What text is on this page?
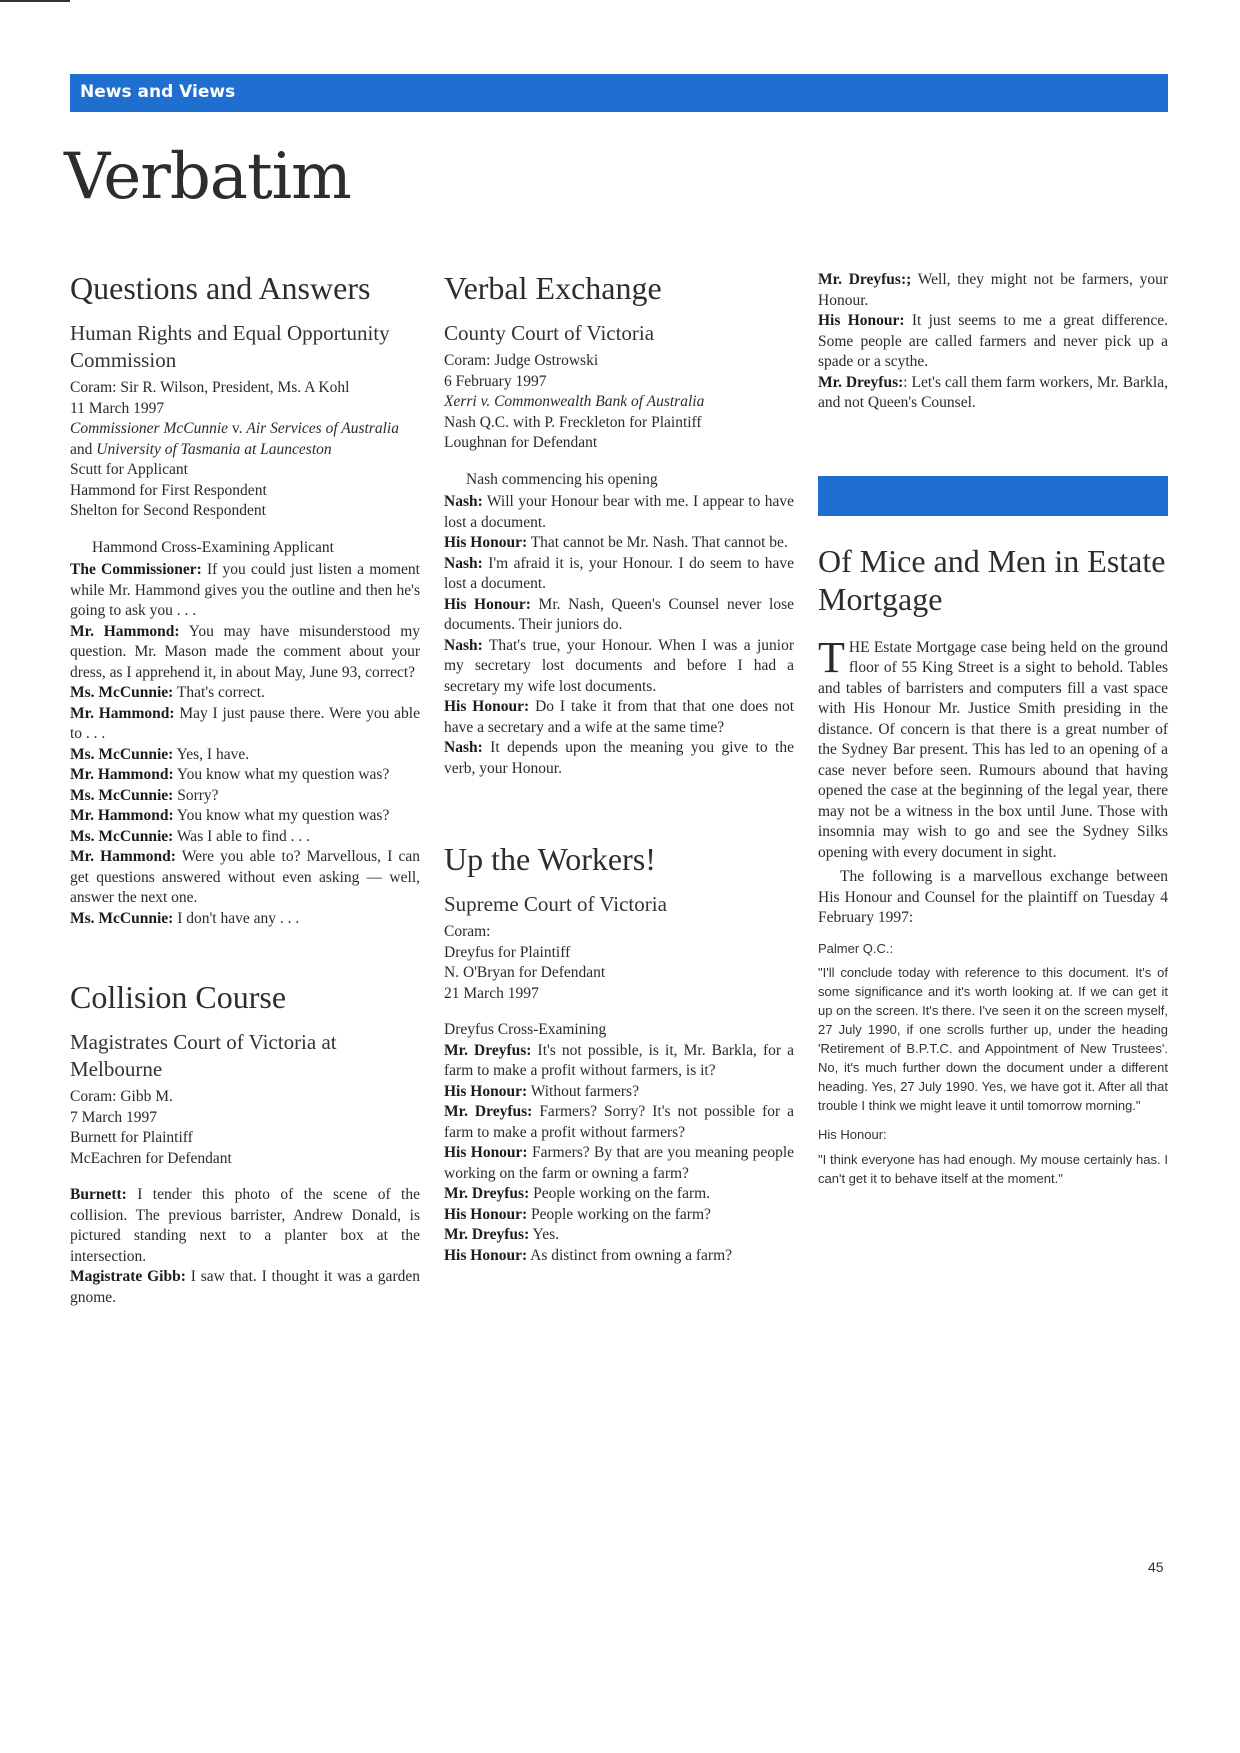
News and Views
Verbatim
Questions and Answers
Human Rights and Equal Opportunity Commission

Coram: Sir R. Wilson, President, Ms. A Kohl

11 March 1997

Commissioner McCunnie v. Air Services of Australia and University of Tasmania at Launceston

Scutt for Applicant

Hammond for First Respondent

Shelton for Second Respondent

Hammond Cross-Examining Applicant

The Commissioner: If you could just listen a moment while Mr. Hammond gives you the outline and then he's going to ask you . . .

Mr. Hammond: You may have misunderstood my question. Mr. Mason made the comment about your dress, as I apprehend it, in about May, June 93, correct?

Ms. McCunnie: That's correct.

Mr. Hammond: May I just pause there. Were you able to . . .

Ms. McCunnie: Yes, I have.

Mr. Hammond: You know what my question was?

Ms. McCunnie: Sorry?

Mr. Hammond: You know what my question was?

Ms. McCunnie: Was I able to find . . .

Mr. Hammond: Were you able to? Marvellous, I can get questions answered without even asking — well, answer the next one.

Ms. McCunnie: I don't have any . . .

Collision Course
Magistrates Court of Victoria at Melbourne

Coram: Gibb M.

7 March 1997

Burnett for Plaintiff

McEachren for Defendant

Burnett: I tender this photo of the scene of the collision. The previous barrister, Andrew Donald, is pictured standing next to a planter box at the intersection.

Magistrate Gibb: I saw that. I thought it was a garden gnome.

Verbal Exchange
County Court of Victoria

Coram: Judge Ostrowski

6 February 1997

Xerri v. Commonwealth Bank of Australia

Nash Q.C. with P. Freckleton for Plaintiff

Loughnan for Defendant

Nash commencing his opening

Nash: Will your Honour bear with me. I appear to have lost a document.

His Honour: That cannot be Mr. Nash. That cannot be.

Nash: I'm afraid it is, your Honour. I do seem to have lost a document.

His Honour: Mr. Nash, Queen's Counsel never lose documents. Their juniors do.

Nash: That's true, your Honour. When I was a junior my secretary lost documents and before I had a secretary my wife lost documents.

His Honour: Do I take it from that that one does not have a secretary and a wife at the same time?

Nash: It depends upon the meaning you give to the verb, your Honour.

Up the Workers!
Supreme Court of Victoria

Coram:

Dreyfus for Plaintiff

N. O'Bryan for Defendant

21 March 1997

Dreyfus Cross-Examining

Mr. Dreyfus: It's not possible, is it, Mr. Barkla, for a farm to make a profit without farmers, is it?

His Honour: Without farmers?

Mr. Dreyfus: Farmers? Sorry? It's not possible for a farm to make a profit without farmers?

His Honour: Farmers? By that are you meaning people working on the farm or owning a farm?

Mr. Dreyfus: People working on the farm.

His Honour: People working on the farm?

Mr. Dreyfus: Yes.

His Honour: As distinct from owning a farm?

Mr. Dreyfus:; Well, they might not be farmers, your Honour.

His Honour: It just seems to me a great difference. Some people are called farmers and never pick up a spade or a scythe.

Mr. Dreyfus:: Let's call them farm workers, Mr. Barkla, and not Queen's Counsel.

Of Mice and Men in Estate Mortgage

THE Estate Mortgage case being held on the ground floor of 55 King Street is a sight to behold. Tables and tables of barristers and computers fill a vast space with His Honour Mr. Justice Smith presiding in the distance. Of concern is that there is a great number of the Sydney Bar present. This has led to an opening of a case never before seen. Rumours abound that having opened the case at the beginning of the legal year, there may not be a witness in the box until June. Those with insomnia may wish to go and see the Sydney Silks opening with every document in sight.

The following is a marvellous exchange between His Honour and Counsel for the plaintiff on Tuesday 4 February 1997:

Palmer Q.C.:

"I'll conclude today with reference to this document. It's of some significance and it's worth looking at. If we can get it up on the screen. It's there. I've seen it on the screen myself, 27 July 1990, if one scrolls further up, under the heading 'Retirement of B.P.T.C. and Appointment of New Trustees'. No, it's much further down the document under a different heading. Yes, 27 July 1990. Yes, we have got it. After all that trouble I think we might leave it until tomorrow morning."

His Honour:

"I think everyone has had enough. My mouse certainly has. I can't get it to behave itself at the moment."

45
